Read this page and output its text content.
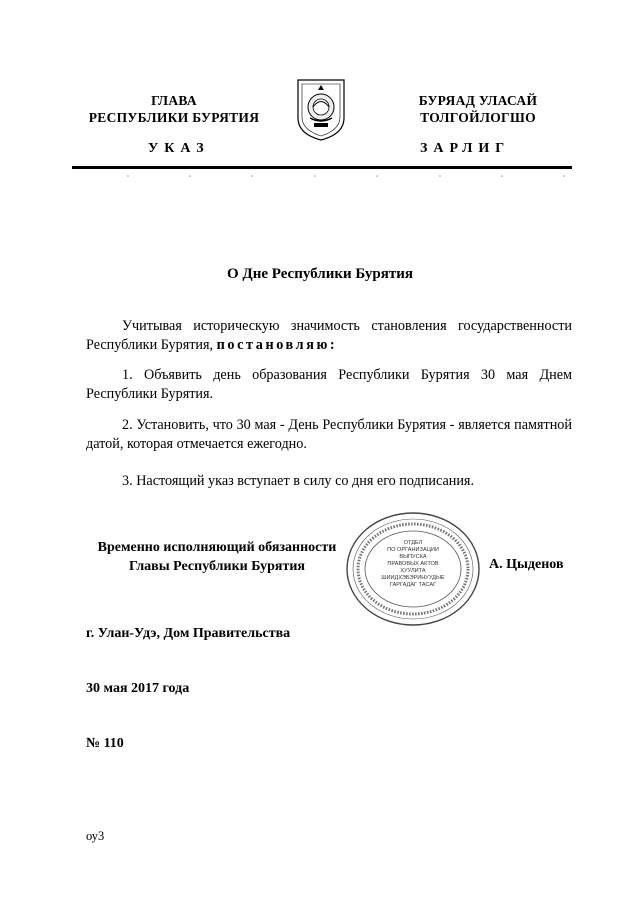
ГЛАВА
РЕСПУБЛИКИ БУРЯТИЯ
БУРЯАД УЛАСАЙ
ТОЛГОЙЛОГШО
УКАЗ	ЗАРЛИГ
О Дне Республики Бурятия
Учитывая историческую значимость становления государственности Республики Бурятия, постановляю:
1. Объявить день образования Республики Бурятия 30 мая Днем Республики Бурятия.
2. Установить, что 30 мая - День Республики Бурятия - является памятной датой, которая отмечается ежегодно.
3. Настоящий указ вступает в силу со дня его подписания.
Временно исполняющий обязанности
Главы Республики Бурятия
ОТДЕЛ
ПО ОРГАНИЗАЦИИ
ВЫПУСКА
ПРАВОВЫХ АКТОВ
ХУУЛИТА
ШИИДХЭБЭРИНУУДЫЕ
ГАРГАДАГ ТАСАГ
А. Цыденов
г. Улан-Удэ, Дом Правительства
30 мая 2017 года
№ 110
оу3
